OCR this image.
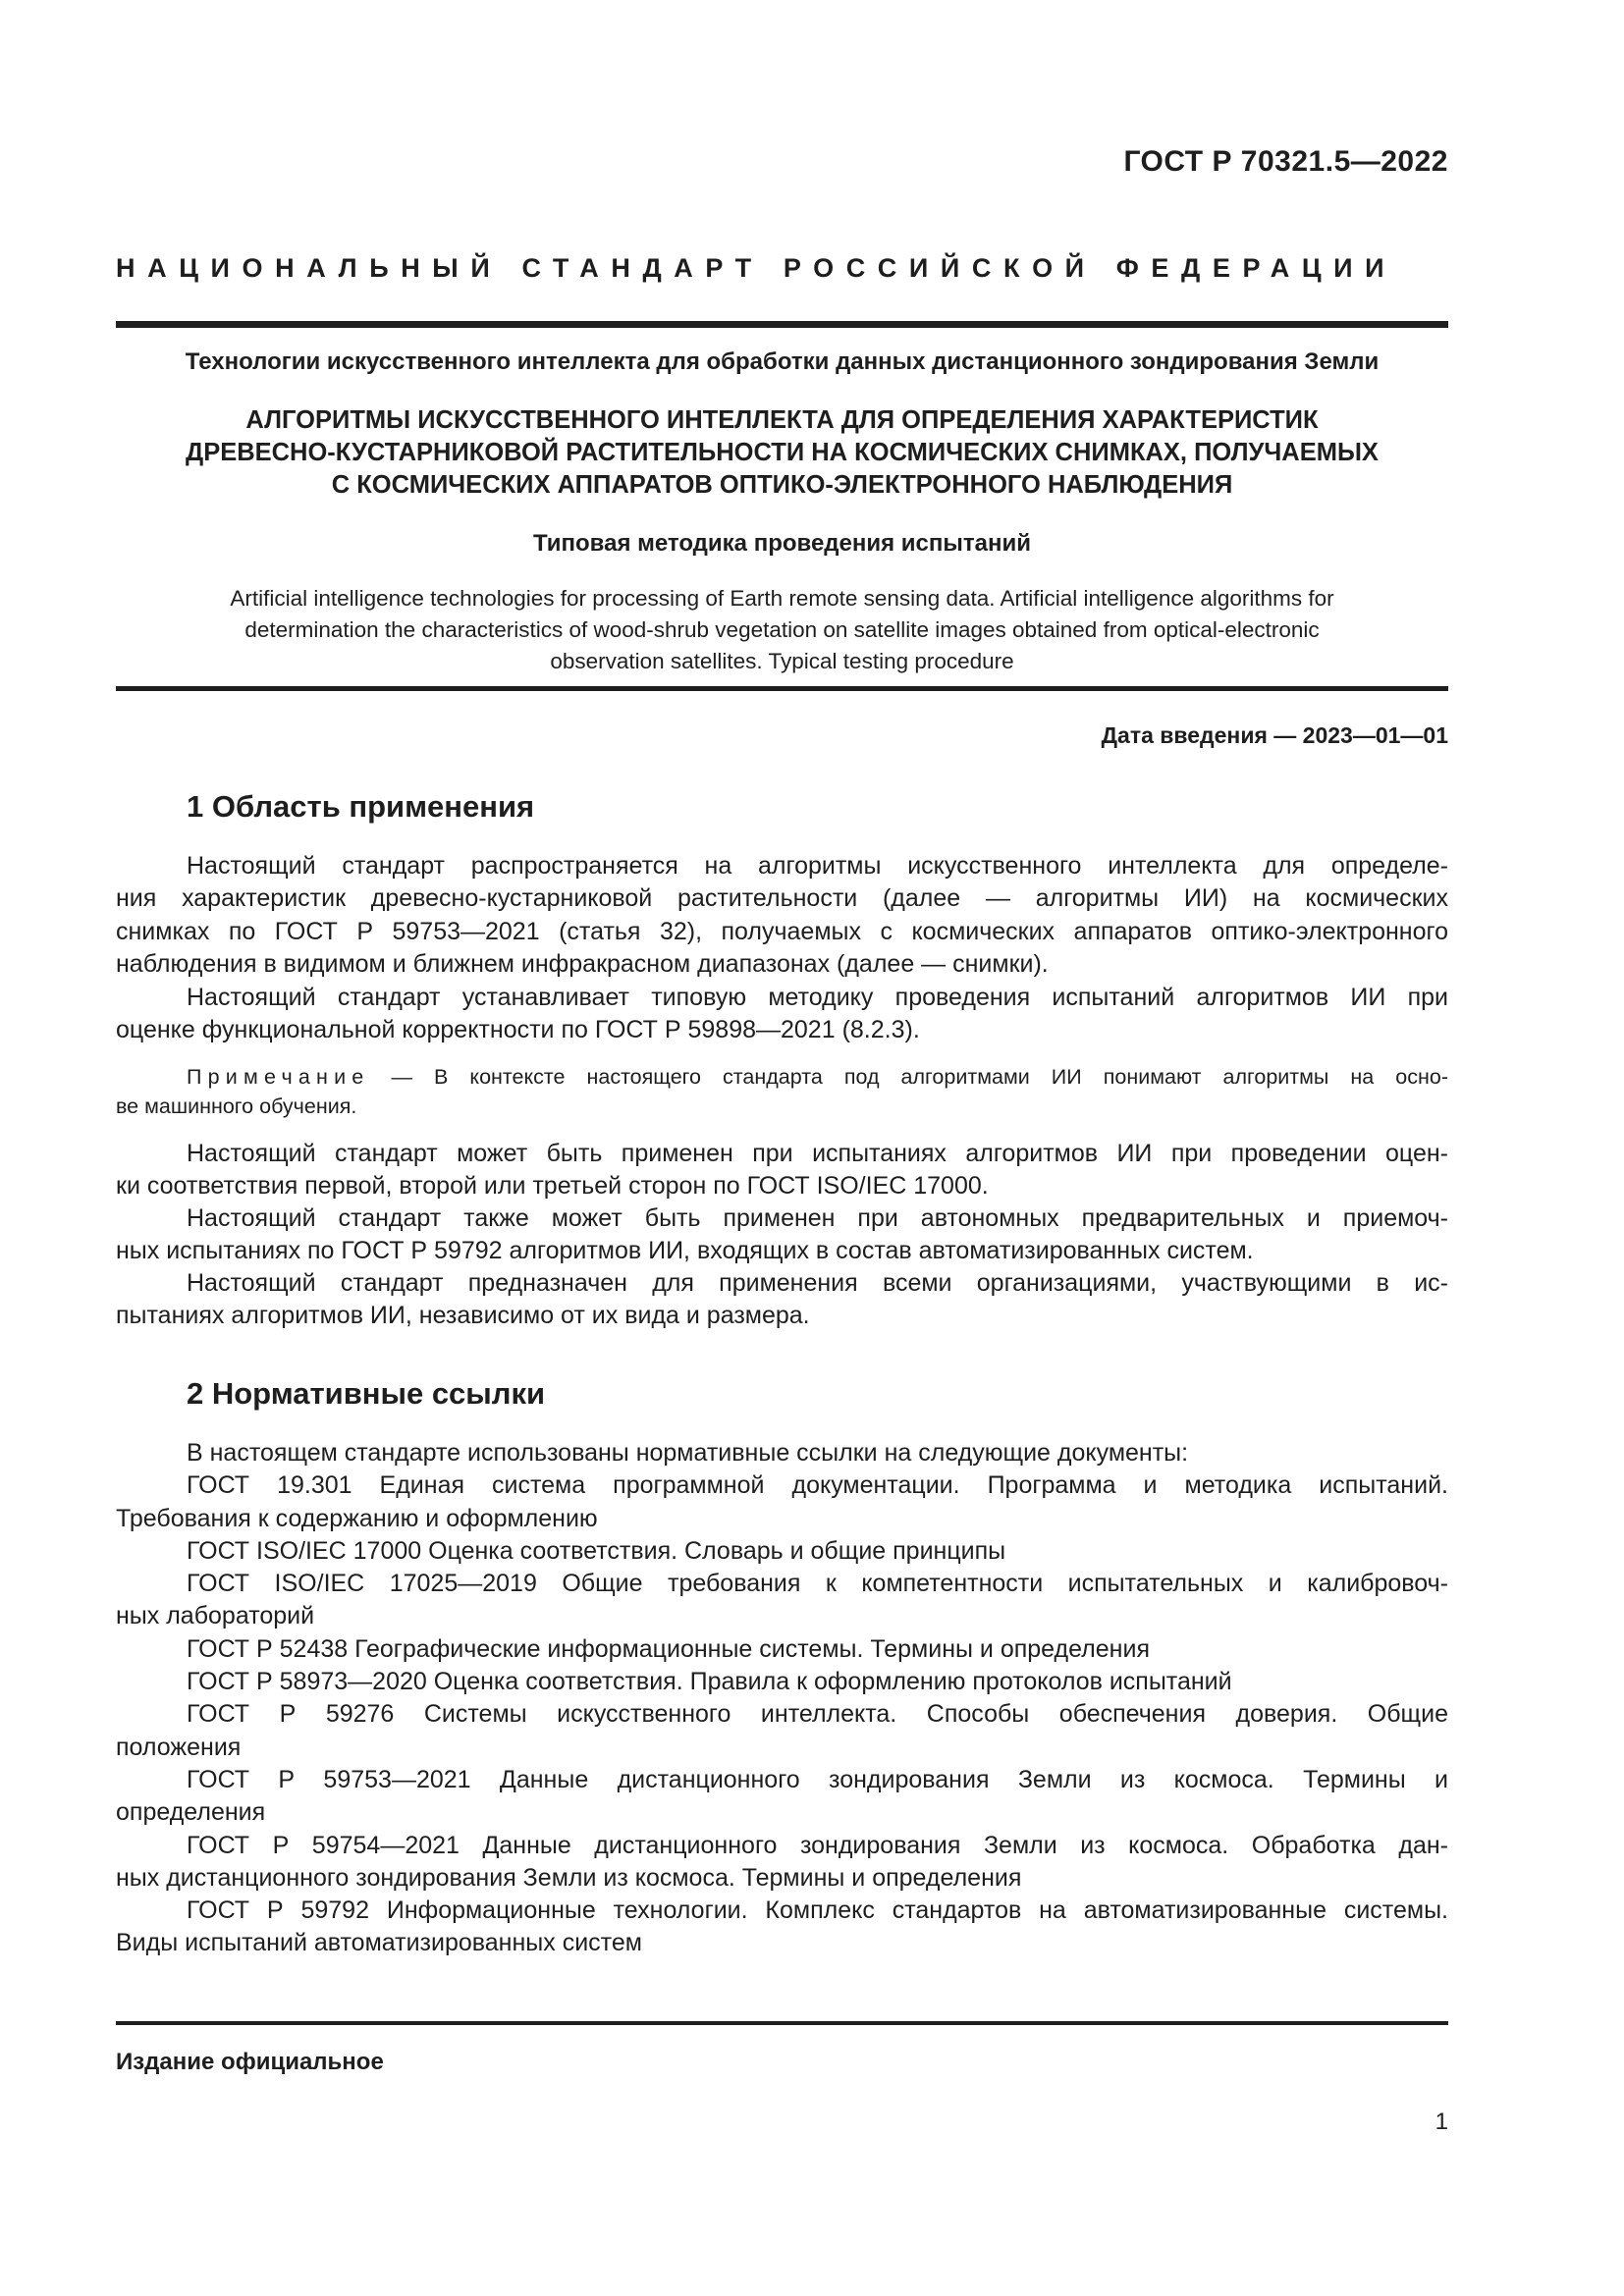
ГОСТ Р 70321.5—2022
НАЦИОНАЛЬНЫЙ СТАНДАРТ РОССИЙСКОЙ ФЕДЕРАЦИИ
Технологии искусственного интеллекта для обработки данных дистанционного зондирования Земли
АЛГОРИТМЫ ИСКУССТВЕННОГО ИНТЕЛЛЕКТА ДЛЯ ОПРЕДЕЛЕНИЯ ХАРАКТЕРИСТИК
ДРЕВЕСНО-КУСТАРНИКОВОЙ РАСТИТЕЛЬНОСТИ НА КОСМИЧЕСКИХ СНИМКАХ, ПОЛУЧАЕМЫХ
С КОСМИЧЕСКИХ АППАРАТОВ ОПТИКО-ЭЛЕКТРОННОГО НАБЛЮДЕНИЯ
Типовая методика проведения испытаний
Artificial intelligence technologies for processing of Earth remote sensing data. Artificial intelligence algorithms for
determination the characteristics of wood-shrub vegetation on satellite images obtained from optical-electronic
observation satellites. Typical testing procedure
Дата введения — 2023—01—01
1 Область применения
Настоящий стандарт распространяется на алгоритмы искусственного интеллекта для определе-
ния характеристик древесно-кустарниковой растительности (далее — алгоритмы ИИ) на космических
снимках по ГОСТ Р 59753—2021 (статья 32), получаемых с космических аппаратов оптико-электронного
наблюдения в видимом и ближнем инфракрасном диапазонах (далее — снимки).
Настоящий стандарт устанавливает типовую методику проведения испытаний алгоритмов ИИ при
оценке функциональной корректности по ГОСТ Р 59898—2021 (8.2.3).
Примечание — В контексте настоящего стандарта под алгоритмами ИИ понимают алгоритмы на осно-
ве машинного обучения.
Настоящий стандарт может быть применен при испытаниях алгоритмов ИИ при проведении оцен-
ки соответствия первой, второй или третьей сторон по ГОСТ ISO/IEC 17000.
Настоящий стандарт также может быть применен при автономных предварительных и приемоч-
ных испытаниях по ГОСТ Р 59792 алгоритмов ИИ, входящих в состав автоматизированных систем.
Настоящий стандарт предназначен для применения всеми организациями, участвующими в ис-
пытаниях алгоритмов ИИ, независимо от их вида и размера.
2 Нормативные ссылки
В настоящем стандарте использованы нормативные ссылки на следующие документы:
ГОСТ 19.301 Единая система программной документации. Программа и методика испытаний.
Требования к содержанию и оформлению
ГОСТ ISO/IEC 17000 Оценка соответствия. Словарь и общие принципы
ГОСТ ISO/IEC 17025—2019 Общие требования к компетентности испытательных и калибровоч-
ных лабораторий
ГОСТ Р 52438 Географические информационные системы. Термины и определения
ГОСТ Р 58973—2020 Оценка соответствия. Правила к оформлению протоколов испытаний
ГОСТ Р 59276 Системы искусственного интеллекта. Способы обеспечения доверия. Общие
положения
ГОСТ Р 59753—2021 Данные дистанционного зондирования Земли из космоса. Термины и
определения
ГОСТ Р 59754—2021 Данные дистанционного зондирования Земли из космоса. Обработка дан-
ных дистанционного зондирования Земли из космоса. Термины и определения
ГОСТ Р 59792 Информационные технологии. Комплекс стандартов на автоматизированные системы.
Виды испытаний автоматизированных систем
Издание официальное
1
